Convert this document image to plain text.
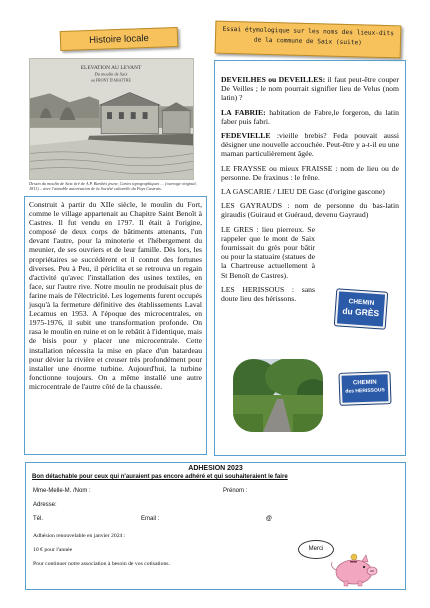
Histoire locale
Essai étymologique sur les noms des lieux-dits de la commune de Saix (suite)
ELEVATION AU LEVANT
Du moulin de Saix
au FRONT D'ABATTRE
Dessin du moulin de Saix tiré de A.P. Barthès jeune, Cartes topographiques … (ouvrage original, 1811) – avec l'aimable autorisation de la Société culturelle du Pays Castrais.

Construit à partir du XIIe siècle, le moulin du Fort, comme le village appartenait au Chapitre Saint Benoît à Castres. Il fut vendu en 1797. Il était à l'origine, composé de deux corps de bâtiments attenants, l'un devant l'autre, pour la minoterie et l'hébergement du meunier, de ses ouvriers et de leur famille. Dès lors, les propriétaires se succédèrent et il connut des fortunes diverses. Peu à Peu, il périclita et se retrouva un regain d'activité qu'avec l'installation des usines textiles, en face, sur l'autre rive. Notre moulin ne produisait plus de farine mais de l'électricité. Les logements furent occupés jusqu'à la fermeture définitive des établissements Laval Lecamus en 1953. A l'époque des microcentrales, en 1975-1976, il subit une transformation profonde. On rasa le moulin en ruine et on le rebâtit à l'identique, mais de bisis pour y placer une microcentrale. Cette installation nécessita la mise en place d'un batardeau pour dévier la rivière et creuser très profondément pour installer une énorme turbine. Aujourd'hui, la turbine fonctionne toujours. On a même installé une autre microcentrale de l'autre côté de la chaussée.

DEVEILHES ou DEVEILLES: il faut peut-être couper De Veilles ; le nom pourrait signifier lieu de Velus (nom latin) ?

LA FABRIE: habitation de Fabre,le forgeron, du latin faber puis fabri.

FEDEVIELLE :vieille brebis? Feda pouvait aussi désigner une nouvelle accouchée. Peut-être y a-t-il eu une maman particulièrement âgée.

LE FRAYSSE ou mieux FRAISSE : nom de lieu ou de personne. De fraxinus : le frêne.

LA GASCARIE / LIEU DE Gasc (d'origine gascone)

LES GAYRAUDS : nom de personne du bas-latin giraudis (Guiraud et Guéraud, devenu Gayraud)

LE GRES : lieu pierreux. Se rappeler que le mont de Saix fournissait du grès pour bâtir ou pour la statuaire (statues de la Chartreuse actuellement à St Benoît de Castres).

LES HERISSOUS : sans doute lieu des hérissons.	CHEMIN
du GRÈS
CHEMIN
des HERISSOUS
ADHESION 2023
Bon détachable pour ceux qui n'auraient pas encore adhéré et qui souhaiteraient le faire
Mme-Melle-M. /Nom :	Prénom :
Adresse:
Tél.	Email :	@
Adhésion renouvelable en janvier 2024 :
10 € pour l'année
Pour continuer notre association à besoin de vos cotisations.
Merci
